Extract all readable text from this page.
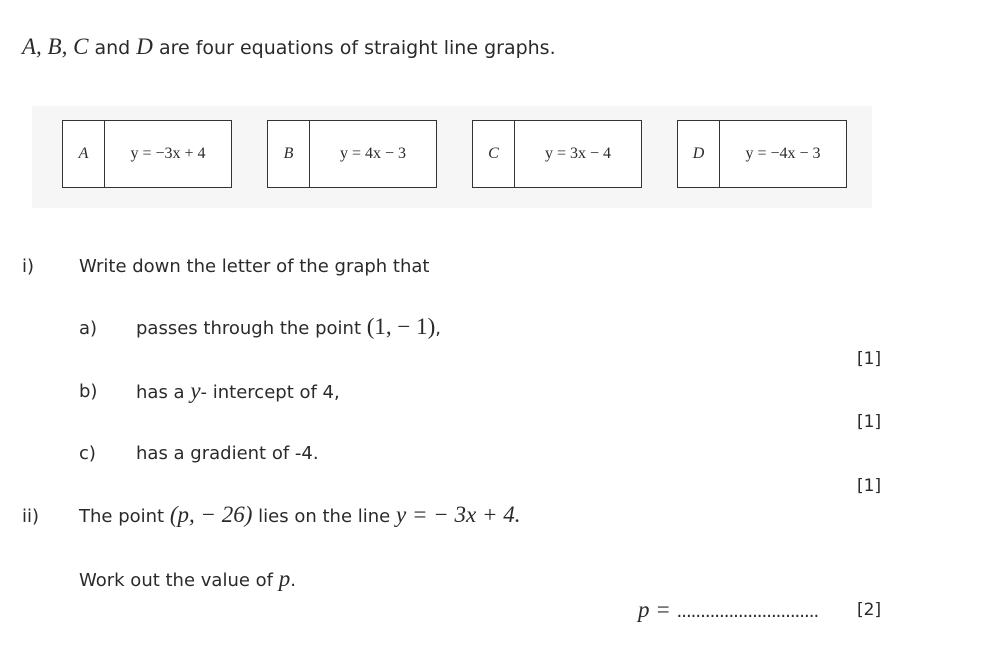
A, B, C and D are four equations of straight line graphs.
A	y = −3x + 4	B	y = 4x − 3	C	y = 3x − 4	D	y = −4x − 3
i) Write down the letter of the graph that
a) passes through the point (1, − 1),
[1]
b) has a y- intercept of 4,
[1]
c) has a gradient of -4.
[1]
ii) The point (p, − 26) lies on the line y = − 3x + 4.
Work out the value of p.
p = .............................. [2]
